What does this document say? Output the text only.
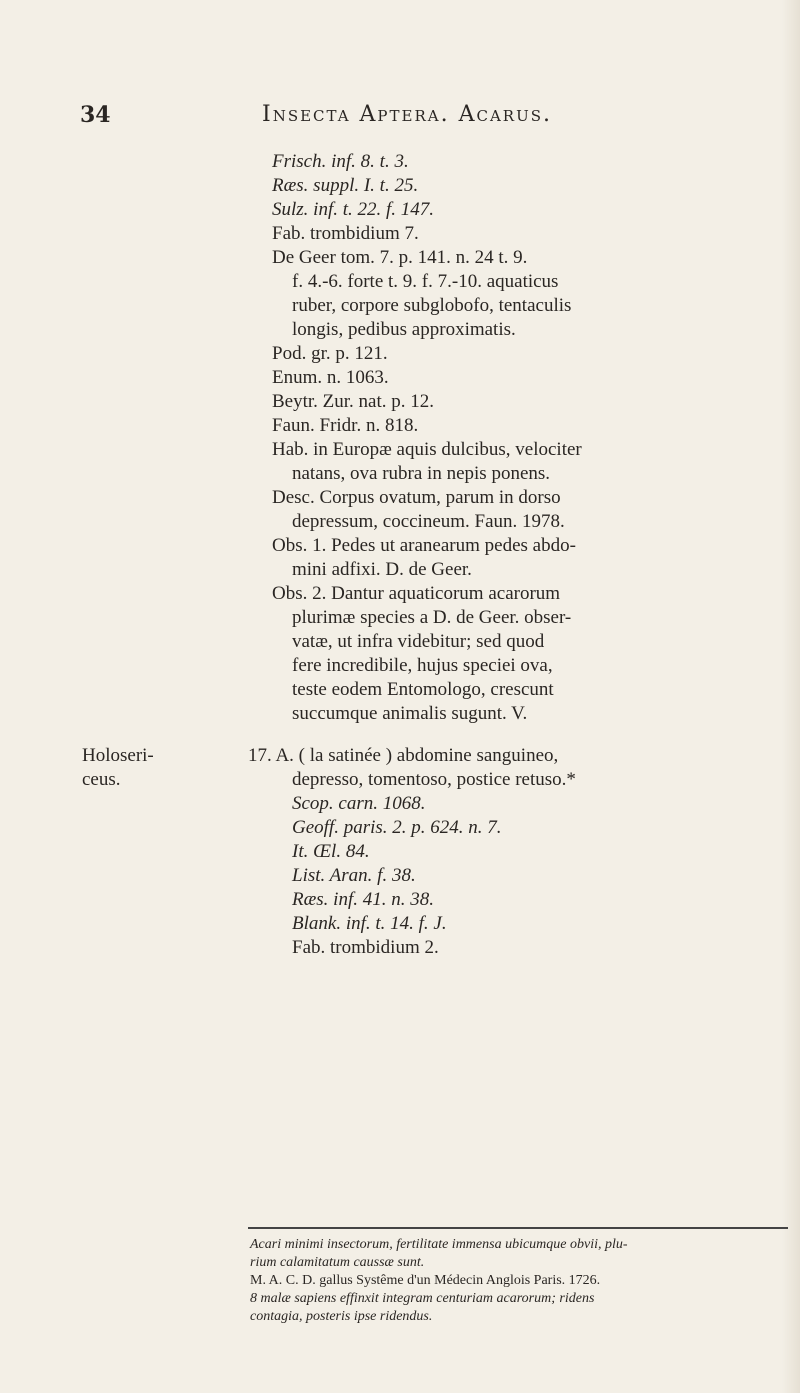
34	Insecta Aptera. Acarus.
Frisch. inf. 8. t. 3.
Ræs. suppl. I. t. 25.
Sulz. inf. t. 22. f. 147.
Fab. trombidium 7.
De Geer tom. 7. p. 141. n. 24 t. 9.
f. 4.-6. forte t. 9. f. 7.-10. aquaticus
ruber, corpore subglobofo, tentaculis
longis, pedibus approximatis.
Pod. gr. p. 121.
Enum. n. 1063.
Beytr. Zur. nat. p. 12.
Faun. Fridr. n. 818.
Hab. in Europæ aquis dulcibus, velociter
natans, ova rubra in nepis ponens.
Desc. Corpus ovatum, parum in dorso
depressum, coccineum. Faun. 1978.
Obs. 1. Pedes ut aranearum pedes abdo-
mini adfixi. D. de Geer.
Obs. 2. Dantur aquaticorum acarorum
plurimæ species a D. de Geer. obser-
vatæ, ut infra videbitur; sed quod
fere incredibile, hujus speciei ova,
teste eodem Entomologo, crescunt
succumque animalis sugunt. V.
Holoseri-
ceus.
17. A. ( la satinée ) abdomine sanguineo,
depresso, tomentoso, postice retuso.*
Scop. carn. 1068.
Geoff. paris. 2. p. 624. n. 7.
It. Œl. 84.
List. Aran. f. 38.
Ræs. inf. 41. n. 38.
Blank. inf. t. 14. f. J.
Fab. trombidium 2.
Acari minimi insectorum, fertilitate immensa ubicumque obvii, plu-
rium calamitatum caussæ sunt.
M. A. C. D. gallus Systême d'un Médecin Anglois Paris. 1726.
8 malæ sapiens effinxit integram centuriam acarorum; ridens
contagia, posteris ipse ridendus.
